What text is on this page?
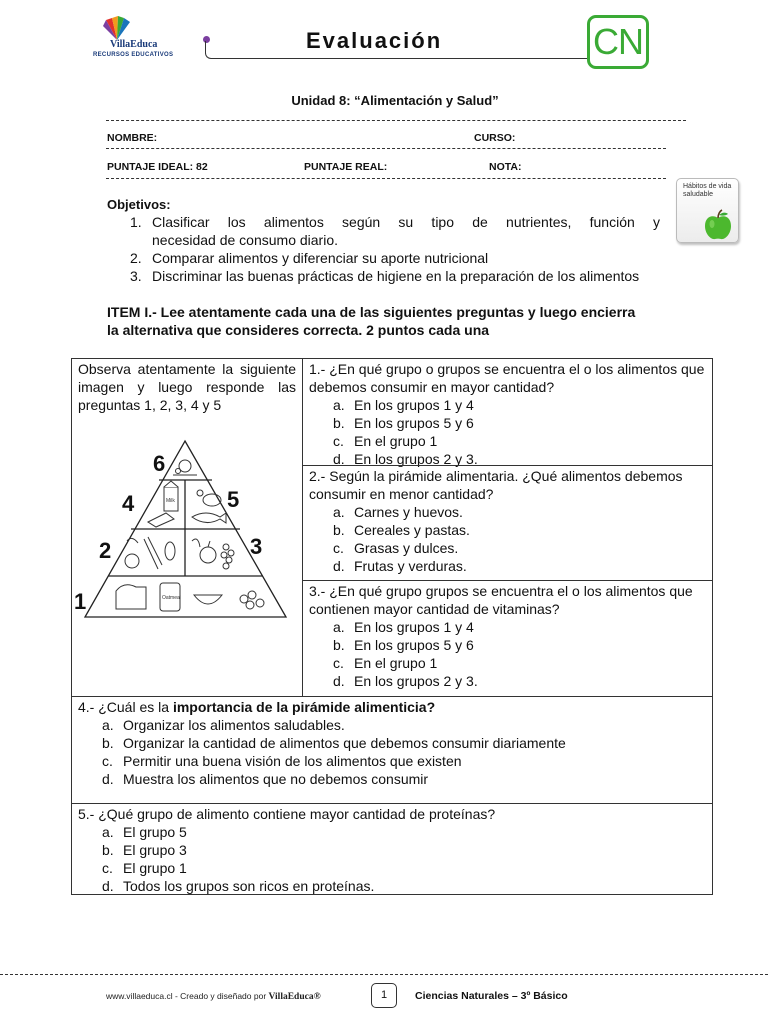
VillaEduca
RECURSOS EDUCATIVOS
Evaluación	CN
Unidad 8: “Alimentación y Salud”
NOMBRE:	CURSO:
PUNTAJE IDEAL: 82	PUNTAJE REAL:	NOTA:
Hábitos de vida saludable
Objetivos:
1. Clasificar los alimentos según su tipo de nutrientes, función y
necesidad de consumo diario.
2. Comparar alimentos y diferenciar su aporte nutricional
3. Discriminar las buenas prácticas de higiene en la preparación de los alimentos
ITEM I.- Lee atentamente cada una de las siguientes preguntas y luego encierra
la alternativa que consideres correcta. 2 puntos cada una
Observa atentamente la siguiente imagen y luego responde las preguntas 1, 2, 3, 4 y 5
Milk
Oatmeal
1
2	3
4	5
6
1.- ¿En qué grupo o grupos se encuentra el o los alimentos que debemos consumir en mayor cantidad?
a. En los grupos 1 y 4
b. En los grupos 5 y 6
c. En el grupo 1
d. En los grupos 2 y 3.
2.- Según la pirámide alimentaria. ¿Qué alimentos debemos consumir en menor cantidad?
a. Carnes y huevos.
b. Cereales y pastas.
c. Grasas y dulces.
d. Frutas y verduras.
3.- ¿En qué grupo grupos se encuentra el o los alimentos que contienen mayor cantidad de vitaminas?
a. En los grupos 1 y 4
b. En los grupos 5 y 6
c. En el grupo 1
d. En los grupos 2 y 3.
4.- ¿Cuál es la importancia de la pirámide alimenticia?
a. Organizar los alimentos saludables.
b. Organizar la cantidad de alimentos que debemos consumir diariamente
c. Permitir una buena visión de los alimentos que existen
d. Muestra los alimentos que no debemos consumir
5.- ¿Qué grupo de alimento contiene mayor cantidad de proteínas?
a. El grupo 5
b. El grupo 3
c. El grupo 1
d. Todos los grupos son ricos en proteínas.
www.villaeduca.cl - Creado y diseñado por VillaEduca®	1	Ciencias Naturales – 3º Básico
